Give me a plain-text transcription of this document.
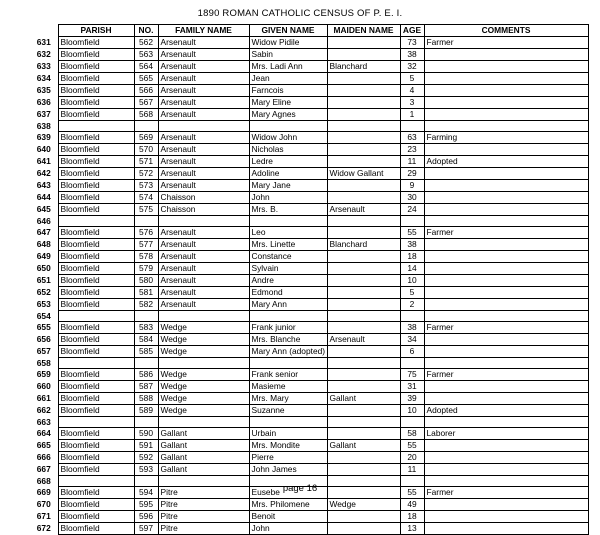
1890 ROMAN CATHOLIC CENSUS OF P. E. I.
	PARISH	NO.	FAMILY NAME	GIVEN NAME	MAIDEN NAME	AGE	COMMENTS
631	Bloomfield	562	Arsenault	Widow Pidile		73	Farmer
632	Bloomfield	563	Arsenault	Sabin		38	
633	Bloomfield	564	Arsenault	Mrs. Ladi Ann	Blanchard	32	
634	Bloomfield	565	Arsenault	Jean		5	
635	Bloomfield	566	Arsenault	Farncois		4	
636	Bloomfield	567	Arsenault	Mary Eline		3	
637	Bloomfield	568	Arsenault	Mary Agnes		1	
638							
639	Bloomfield	569	Arsenault	Widow John		63	Farming
640	Bloomfield	570	Arsenault	Nicholas		23	
641	Bloomfield	571	Arsenault	Ledre		11	Adopted
642	Bloomfield	572	Arsenault	Adoline	Widow Gallant	29	
643	Bloomfield	573	Arsenault	Mary Jane		9	
644	Bloomfield	574	Chaisson	John		30	
645	Bloomfield	575	Chaisson	Mrs. B.	Arsenault	24	
646							
647	Bloomfield	576	Arsenault	Leo		55	Farmer
648	Bloomfield	577	Arsenault	Mrs. Linette	Blanchard	38	
649	Bloomfield	578	Arsenault	Constance		18	
650	Bloomfield	579	Arsenault	Sylvain		14	
651	Bloomfield	580	Arsenault	Andre		10	
652	Bloomfield	581	Arsenault	Edmond		5	
653	Bloomfield	582	Arsenault	Mary Ann		2	
654							
655	Bloomfield	583	Wedge	Frank junior		38	Farmer
656	Bloomfield	584	Wedge	Mrs. Blanche	Arsenault	34	
657	Bloomfield	585	Wedge	Mary Ann (adopted)		6	
658							
659	Bloomfield	586	Wedge	Frank senior		75	Farmer
660	Bloomfield	587	Wedge	Masieme		31	
661	Bloomfield	588	Wedge	Mrs. Mary	Gallant	39	
662	Bloomfield	589	Wedge	Suzanne		10	Adopted
663							
664	Bloomfield	590	Gallant	Urbain		58	Laborer
665	Bloomfield	591	Gallant	Mrs. Mondite	Gallant	55	
666	Bloomfield	592	Gallant	Pierre		20	
667	Bloomfield	593	Gallant	John James		11	
668							
669	Bloomfield	594	Pitre	Eusebe		55	Farmer
670	Bloomfield	595	Pitre	Mrs. Philomene	Wedge	49	
671	Bloomfield	596	Pitre	Benoit		18	
672	Bloomfield	597	Pitre	John		13	
page 16
